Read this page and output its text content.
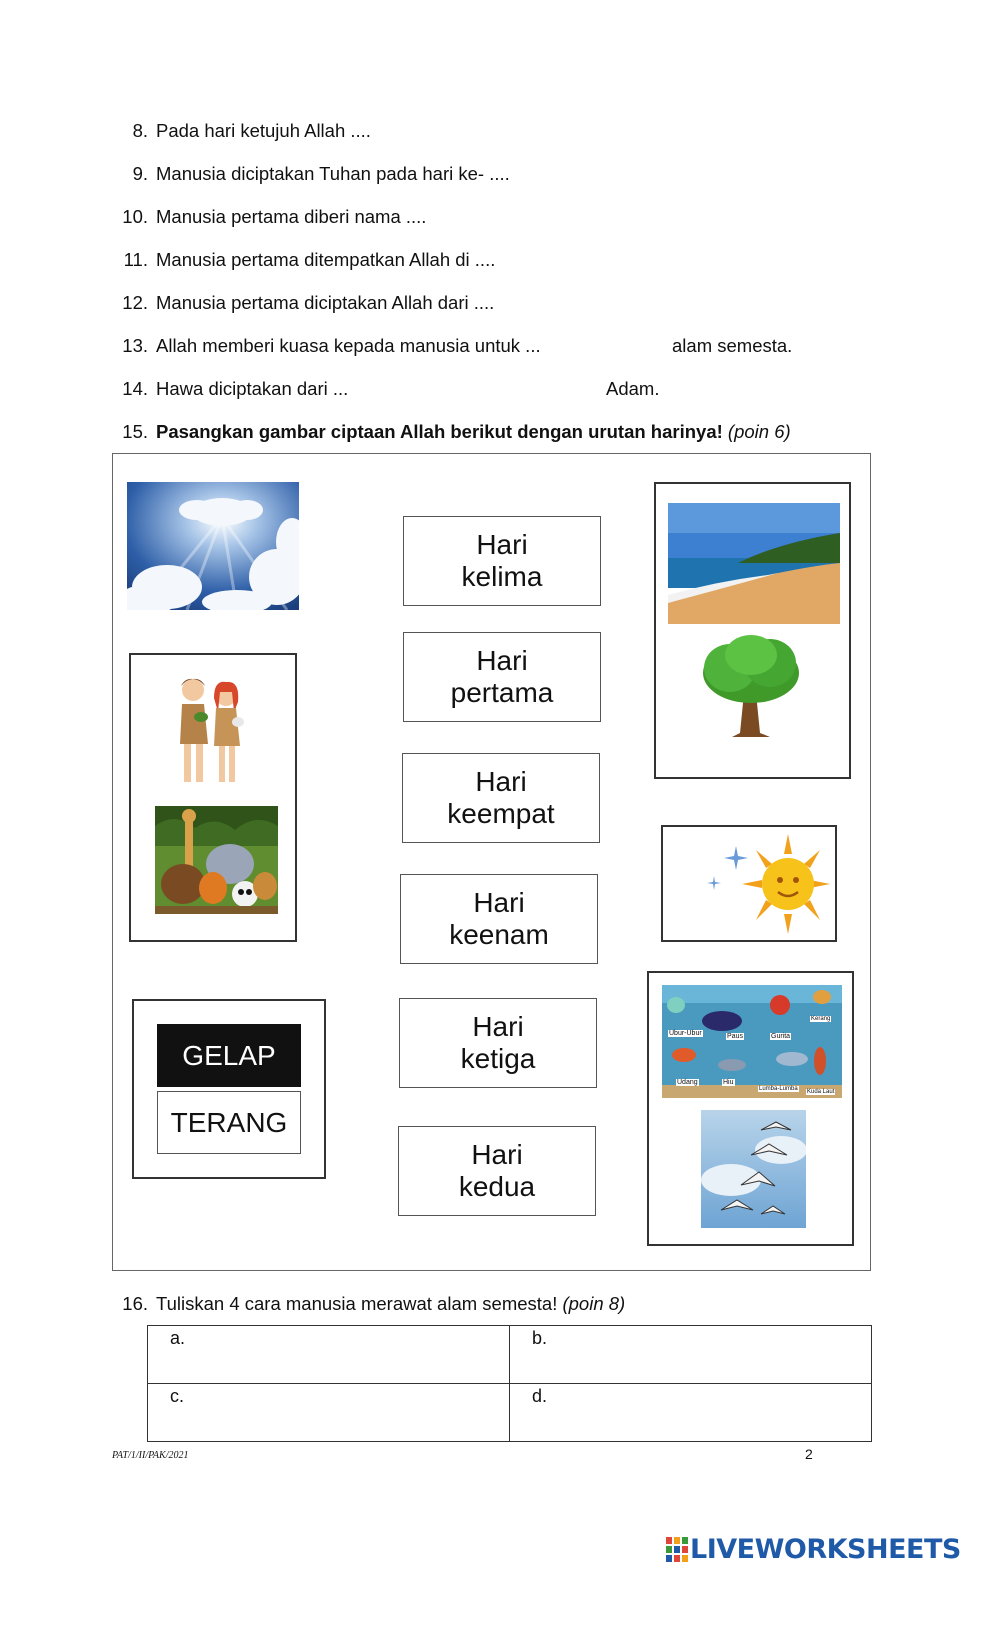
8. Pada hari ketujuh Allah ....
9. Manusia diciptakan Tuhan pada hari ke- ....
10. Manusia pertama diberi nama ....
11. Manusia pertama ditempatkan Allah di ....
12. Manusia pertama diciptakan Allah dari ....
13. Allah memberi kuasa kepada manusia untuk ...	alam semesta.
14. Hawa diciptakan dari ...	Adam.
15. Pasangkan gambar ciptaan Allah berikut dengan urutan harinya! (poin 6)
GELAP
TERANG
Hari
kelima
Hari
pertama
Hari
keempat
Hari
keenam
Hari
ketiga
Hari
kedua
Ubur-Ubur	Paus	Gurita
Kerang
Udang	Hiu
Lumba-Lumba Kuda Laut
16. Tuliskan 4 cara manusia merawat alam semesta! (poin 8)
a.	b.
c.	d.
PAT/1/II/PAK/2021	2
LIVEWORKSHEETS
